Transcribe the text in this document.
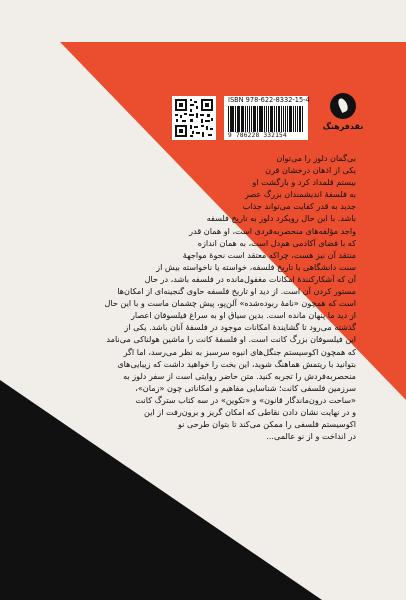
ISBN 978-622-8332-15-4
9 786228 332154
نقدفرهنگ
بی‌گمان دلوز را می‌توان
یکی از اذهان درخشان قرن
بیستم قلمداد کرد و بازگشت او
به فلسفهٔ اندیشمندان بزرگ عصر
جدید به قدر کفایت می‌تواند جذاب
باشد. با این حال رویکرد دلوز به تاریخ فلسفه
واجد مؤلفه‌های منحصربه‌فردی است، او همان قدر
که با فضای آکادمی هم‌دل است، به همان اندازه
منتقد آن نیز هست، چراکه معتقد است نحوهٔ مواجههٔ
سنت دانشگاهی با تاریخ فلسفه، خواسته یا ناخواسته بیش از
آن که آشکارکنندهٔ امکانات مغفول‌مانده در فلسفه باشد، در حال
مستور کردن آن است. از دید او تاریخ فلسفه حاوی گنجینه‌ای از امکان‌ها
است که همچون «نامهٔ ربوده‌شده» آلن‌پو، پیش چشمان ماست و با این حال
از دید ما پنهان مانده است. بدین سیاق او به سراغ فیلسوفان اعصار
گذشته می‌رود تا گشاینده‌ٔ امکانات موجود در فلسفهٔ آنان باشد. یکی از
این فیلسوفان بزرگ کانت است. او فلسفهٔ کانت را ماشین هولناکی می‌نامد
که همچون اکوسیستم جنگل‌های انبوه سرسبز به نظر می‌رسد، اما اگر
بتوانید با ریتمش هماهنگ شوید، این بخت را خواهید داشت که زیبایی‌های
منحصربه‌فردش را تجربه کنید. متن حاضر روایتی است از سفر دلوز به
سرزمین فلسفی کانت؛ شناسایی مفاهیم و امکاناتی چون «زمان»،
«ساحت درون‌ماندگار قانون» و «تکوین» در سه کتاب سترگ کانت
و در نهایت نشان دادن نقاطی که امکان گریز و برون‌رفت از این
اکوسیستم فلسفی را ممکن می‌کند تا بتوان طرحی نو
در انداخت و از نو عالمی...
